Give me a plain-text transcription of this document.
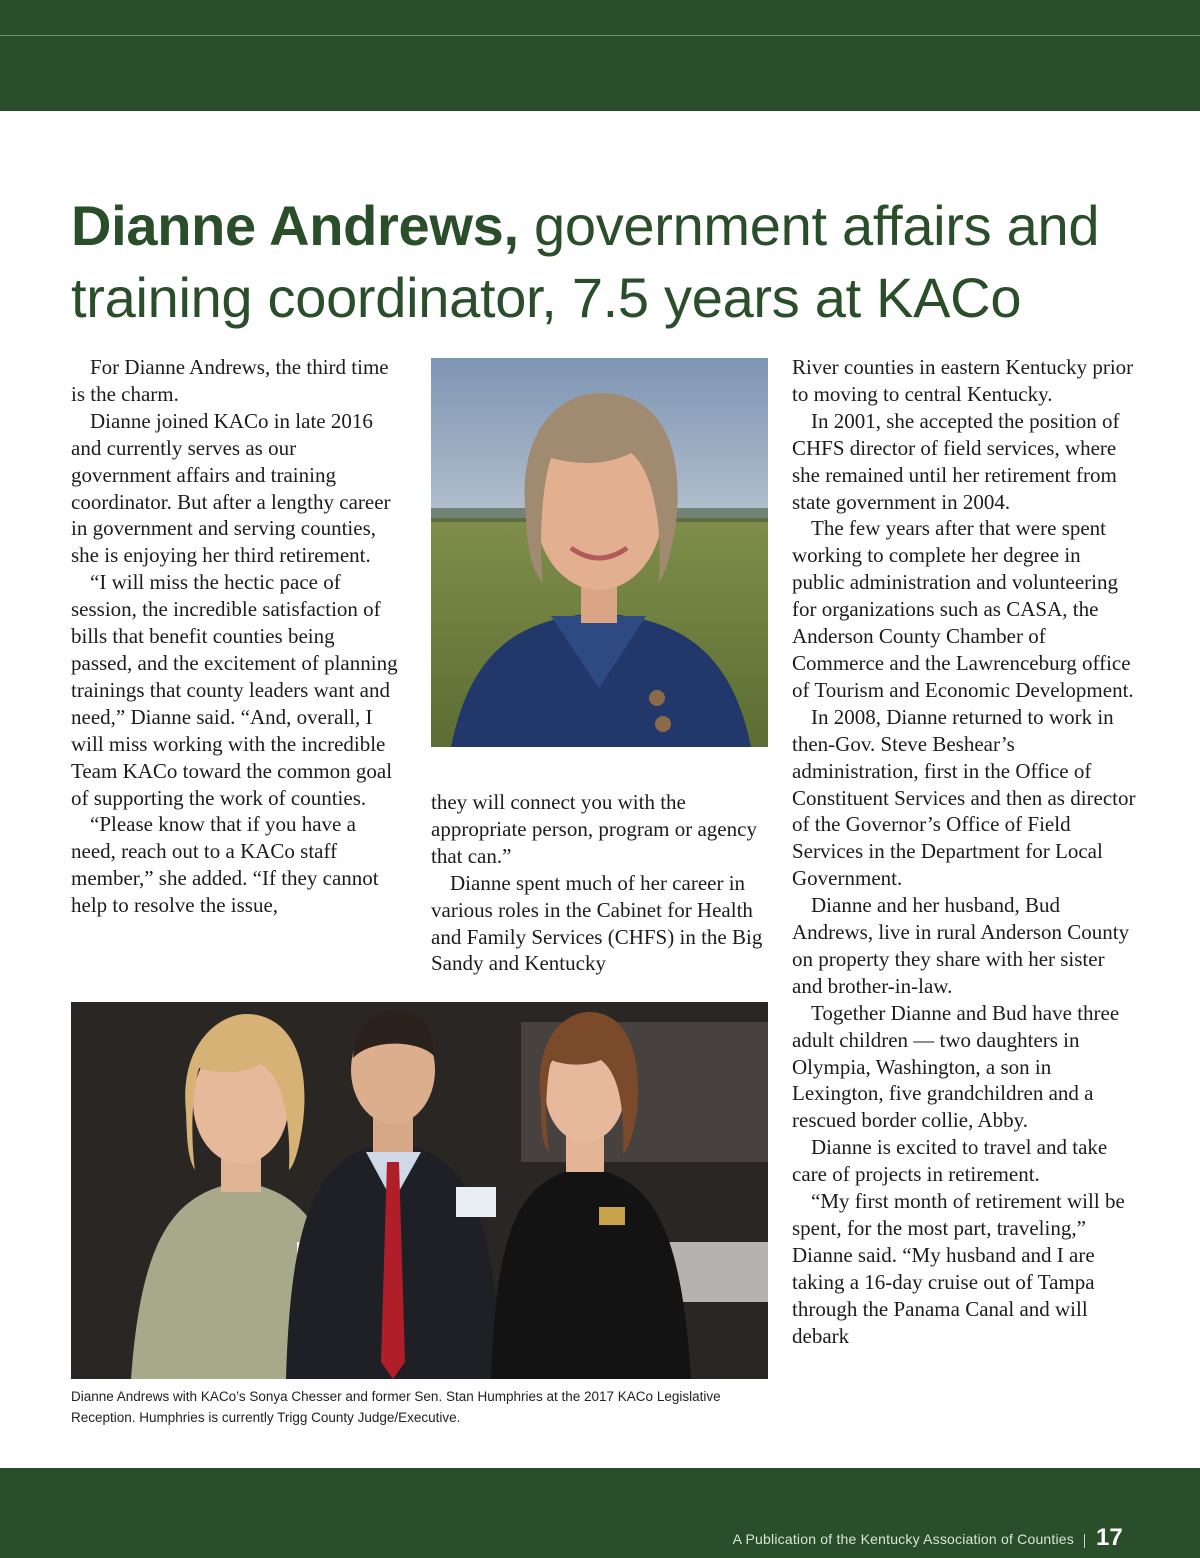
Dianne Andrews, government affairs and training coordinator, 7.5 years at KACo

For Dianne Andrews, the third time is the charm.

Dianne joined KACo in late 2016 and currently serves as our government affairs and training coordinator. But after a lengthy career in government and serving counties, she is enjoying her third retirement.

“I will miss the hectic pace of session, the incredible satisfaction of bills that benefit counties being passed, and the excitement of planning trainings that county leaders want and need,” Dianne said. “And, overall, I will miss working with the incredible Team KACo toward the common goal of supporting the work of counties.

“Please know that if you have a need, reach out to a KACo staff member,” she added. “If they cannot help to resolve the issue,

they will connect you with the appropriate person, program or agency that can.”

Dianne spent much of her career in various roles in the Cabinet for Health and Family Services (CHFS) in the Big Sandy and Kentucky

River counties in eastern Kentucky prior to moving to central Kentucky.

In 2001, she accepted the position of CHFS director of field services, where she remained until her retirement from state government in 2004.

The few years after that were spent working to complete her degree in public administration and volunteering for organizations such as CASA, the Anderson County Chamber of Commerce and the Lawrenceburg office of Tourism and Economic Development.

In 2008, Dianne returned to work in then-Gov. Steve Beshear’s administration, first in the Office of Constituent Services and then as director of the Governor’s Office of Field Services in the Department for Local Government.

Dianne and her husband, Bud Andrews, live in rural Anderson County on property they share with her sister and brother-in-law.

Together Dianne and Bud have three adult children — two daughters in Olympia, Washington, a son in Lexington, five grandchildren and a rescued border collie, Abby.

Dianne is excited to travel and take care of projects in retirement.

“My first month of retirement will be spent, for the most part, traveling,” Dianne said. “My husband and I are taking a 16-day cruise out of Tampa through the Panama Canal and will debark

Dianne Andrews with KACo’s Sonya Chesser and former Sen. Stan Humphries at the 2017 KACo Legislative Reception. Humphries is currently Trigg County Judge/Executive.

A Publication of the Kentucky Association of Counties 17
